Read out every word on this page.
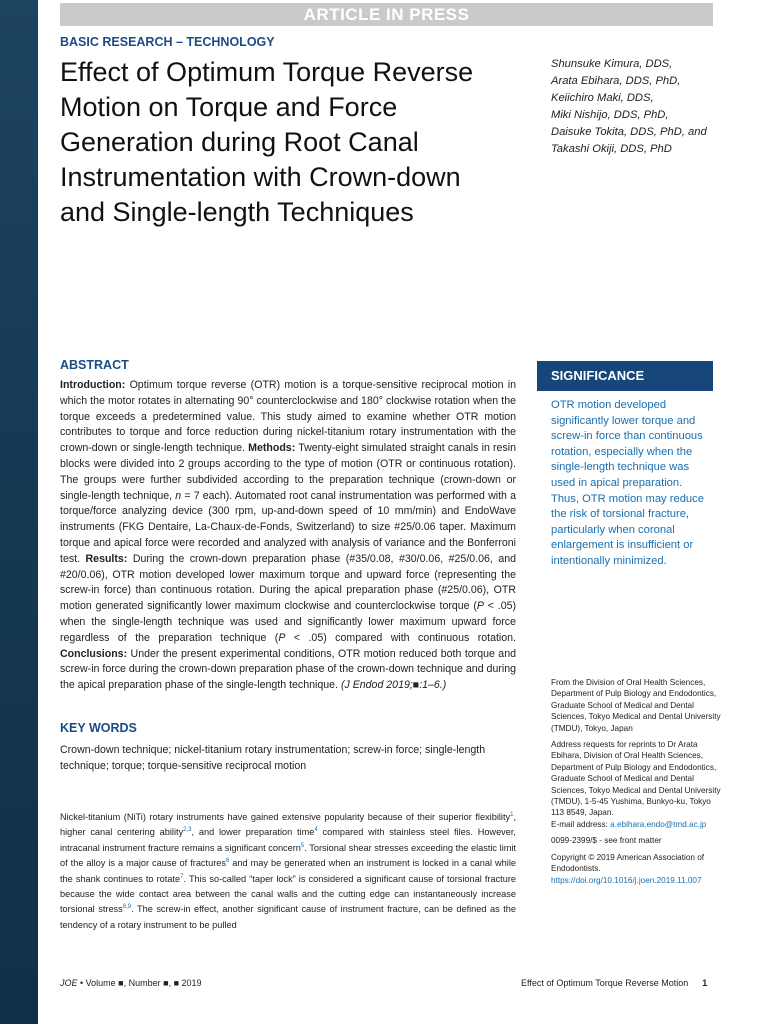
ARTICLE IN PRESS
BASIC RESEARCH – TECHNOLOGY
Effect of Optimum Torque Reverse Motion on Torque and Force Generation during Root Canal Instrumentation with Crown-down and Single-length Techniques
Shunsuke Kimura, DDS,
Arata Ebihara, DDS, PhD,
Keiichiro Maki, DDS,
Miki Nishijo, DDS, PhD,
Daisuke Tokita, DDS, PhD, and
Takashi Okiji, DDS, PhD
ABSTRACT

Introduction: Optimum torque reverse (OTR) motion is a torque-sensitive reciprocal motion in which the motor rotates in alternating 90° counterclockwise and 180° clockwise rotation when the torque exceeds a predetermined value. This study aimed to examine whether OTR motion contributes to torque and force reduction during nickel-titanium rotary instrumentation with the crown-down or single-length technique. Methods: Twenty-eight simulated straight canals in resin blocks were divided into 2 groups according to the type of motion (OTR or continuous rotation). The groups were further subdivided according to the preparation technique (crown-down or single-length technique, n = 7 each). Automated root canal instrumentation was performed with a torque/force analyzing device (300 rpm, up-and-down speed of 10 mm/min) and EndoWave instruments (FKG Dentaire, La-Chaux-de-Fonds, Switzerland) to size #25/0.06 taper. Maximum torque and apical force were recorded and analyzed with analysis of variance and the Bonferroni test. Results: During the crown-down preparation phase (#35/0.08, #30/0.06, #25/0.06, and #20/0.06), OTR motion developed lower maximum torque and upward force (representing the screw-in force) than continuous rotation. During the apical preparation phase (#25/0.06), OTR motion generated significantly lower maximum clockwise and counterclockwise torque (P < .05) when the single-length technique was used and significantly lower maximum upward force regardless of the preparation technique (P < .05) compared with continuous rotation. Conclusions: Under the present experimental conditions, OTR motion reduced both torque and screw-in force during the crown-down preparation phase of the crown-down technique and during the apical preparation phase of the single-length technique. (J Endod 2019;■:1–6.)

KEY WORDS
Crown-down technique; nickel-titanium rotary instrumentation; screw-in force; single-length technique; torque; torque-sensitive reciprocal motion

Nickel-titanium (NiTi) rotary instruments have gained extensive popularity because of their superior flexibility$^1$, higher canal centering ability$^{2,3}$, and lower preparation time$^4$ compared with stainless steel files. However, intracanal instrument fracture remains a significant concern$^5$. Torsional shear stresses exceeding the elastic limit of the alloy is a major cause of fractures$^6$ and may be generated when an instrument is locked in a canal while the shank continues to rotate$^7$. This so-called “taper lock” is considered a significant cause of torsional fracture because the wide contact area between the canal walls and the cutting edge can instantaneously increase torsional stress$^{8,9}$. The screw-in effect, another significant cause of instrument fracture, can be defined as the tendency of a rotary instrument to be pulled

SIGNIFICANCE
OTR motion developed significantly lower torque and screw-in force than continuous rotation, especially when the single-length technique was used in apical preparation. Thus, OTR motion may reduce the risk of torsional fracture, particularly when coronal enlargement is insufficient or intentionally minimized.

From the Division of Oral Health Sciences, Department of Pulp Biology and Endodontics, Graduate School of Medical and Dental Sciences, Tokyo Medical and Dental University (TMDU), Tokyo, Japan

Address requests for reprints to Dr Arata Ebihara, Division of Oral Health Sciences, Department of Pulp Biology and Endodontics, Graduate School of Medical and Dental Sciences, Tokyo Medical and Dental University (TMDU), 1-5-45 Yushima, Bunkyo-ku, Tokyo 113 8549, Japan.
E-mail address: a.ebihara.endo@tmd.ac.jp

0099-2399/$ - see front matter

Copyright © 2019 American Association of Endodontists.
https://doi.org/10.1016/j.joen.2019.11.007

JOE • Volume ■, Number ■, ■ 2019	Effect of Optimum Torque Reverse Motion 1
